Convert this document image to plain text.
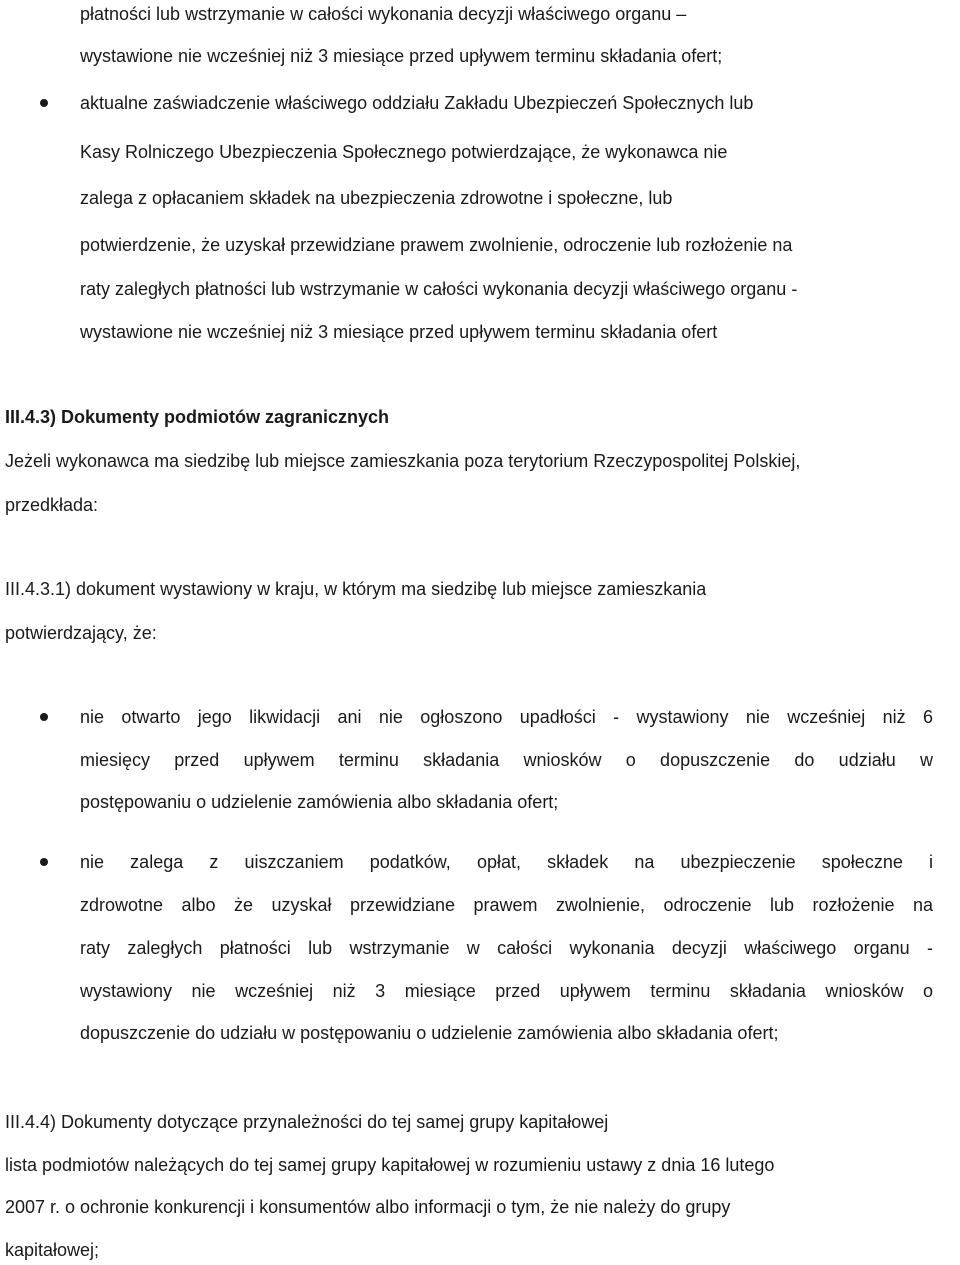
płatności lub wstrzymanie w całości wykonania decyzji właściwego organu –
wystawione nie wcześniej niż 3 miesiące przed upływem terminu składania ofert;
aktualne zaświadczenie właściwego oddziału Zakładu Ubezpieczeń Społecznych lub
Kasy Rolniczego Ubezpieczenia Społecznego potwierdzające, że wykonawca nie
zalega z opłacaniem składek na ubezpieczenia zdrowotne i społeczne, lub
potwierdzenie, że uzyskał przewidziane prawem zwolnienie, odroczenie lub rozłożenie na
raty zaległych płatności lub wstrzymanie w całości wykonania decyzji właściwego organu -
wystawione nie wcześniej niż 3 miesiące przed upływem terminu składania ofert
III.4.3) Dokumenty podmiotów zagranicznych
Jeżeli wykonawca ma siedzibę lub miejsce zamieszkania poza terytorium Rzeczypospolitej Polskiej,
przedkłada:
III.4.3.1) dokument wystawiony w kraju, w którym ma siedzibę lub miejsce zamieszkania
potwierdzający, że:
nie otwarto jego likwidacji ani nie ogłoszono upadłości - wystawiony nie wcześniej niż 6
miesięcy przed upływem terminu składania wniosków o dopuszczenie do udziału w
postępowaniu o udzielenie zamówienia albo składania ofert;
nie zalega z uiszczaniem podatków, opłat, składek na ubezpieczenie społeczne i
zdrowotne albo że uzyskał przewidziane prawem zwolnienie, odroczenie lub rozłożenie na
raty zaległych płatności lub wstrzymanie w całości wykonania decyzji właściwego organu -
wystawiony nie wcześniej niż 3 miesiące przed upływem terminu składania wniosków o
dopuszczenie do udziału w postępowaniu o udzielenie zamówienia albo składania ofert;
III.4.4) Dokumenty dotyczące przynależności do tej samej grupy kapitałowej
lista podmiotów należących do tej samej grupy kapitałowej w rozumieniu ustawy z dnia 16 lutego
2007 r. o ochronie konkurencji i konsumentów albo informacji o tym, że nie należy do grupy
kapitałowej;
